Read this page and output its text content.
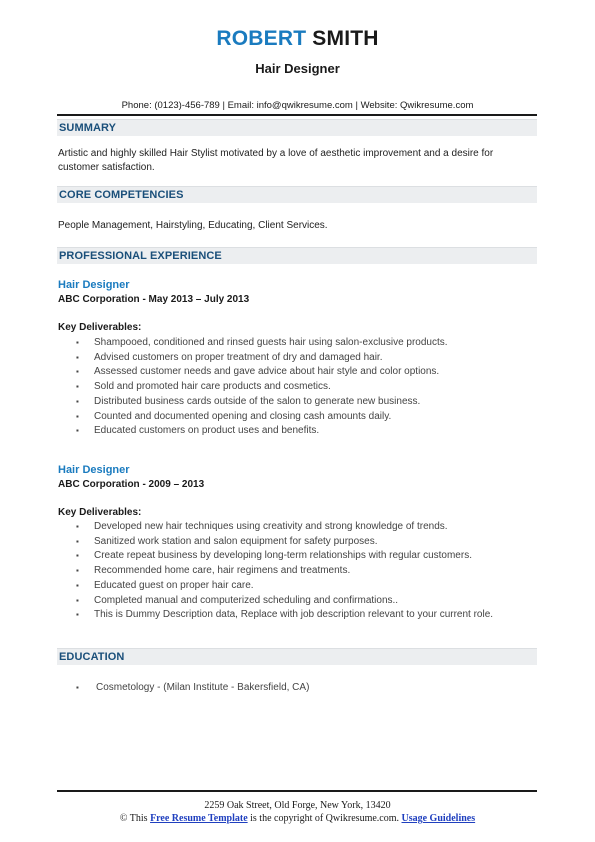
ROBERT SMITH
Hair Designer
Phone: (0123)-456-789 | Email: info@qwikresume.com | Website: Qwikresume.com
SUMMARY
Artistic and highly skilled Hair Stylist motivated by a love of aesthetic improvement and a desire for customer satisfaction.
CORE COMPETENCIES
People Management, Hairstyling, Educating, Client Services.
PROFESSIONAL EXPERIENCE
Hair Designer
ABC Corporation - May 2013 – July 2013
Key Deliverables:
▪ Shampooed, conditioned and rinsed guests hair using salon-exclusive products.
▪ Advised customers on proper treatment of dry and damaged hair.
▪ Assessed customer needs and gave advice about hair style and color options.
▪ Sold and promoted hair care products and cosmetics.
▪ Distributed business cards outside of the salon to generate new business.
▪ Counted and documented opening and closing cash amounts daily.
▪ Educated customers on product uses and benefits.
Hair Designer
ABC Corporation - 2009 – 2013
Key Deliverables:
▪ Developed new hair techniques using creativity and strong knowledge of trends.
▪ Sanitized work station and salon equipment for safety purposes.
▪ Create repeat business by developing long-term relationships with regular customers.
▪ Recommended home care, hair regimens and treatments.
▪ Educated guest on proper hair care.
▪ Completed manual and computerized scheduling and confirmations..
▪ This is Dummy Description data, Replace with job description relevant to your current role.
EDUCATION
▪ Cosmetology - (Milan Institute - Bakersfield, CA)
2259 Oak Street, Old Forge, New York, 13420
© This Free Resume Template is the copyright of Qwikresume.com. Usage Guidelines
